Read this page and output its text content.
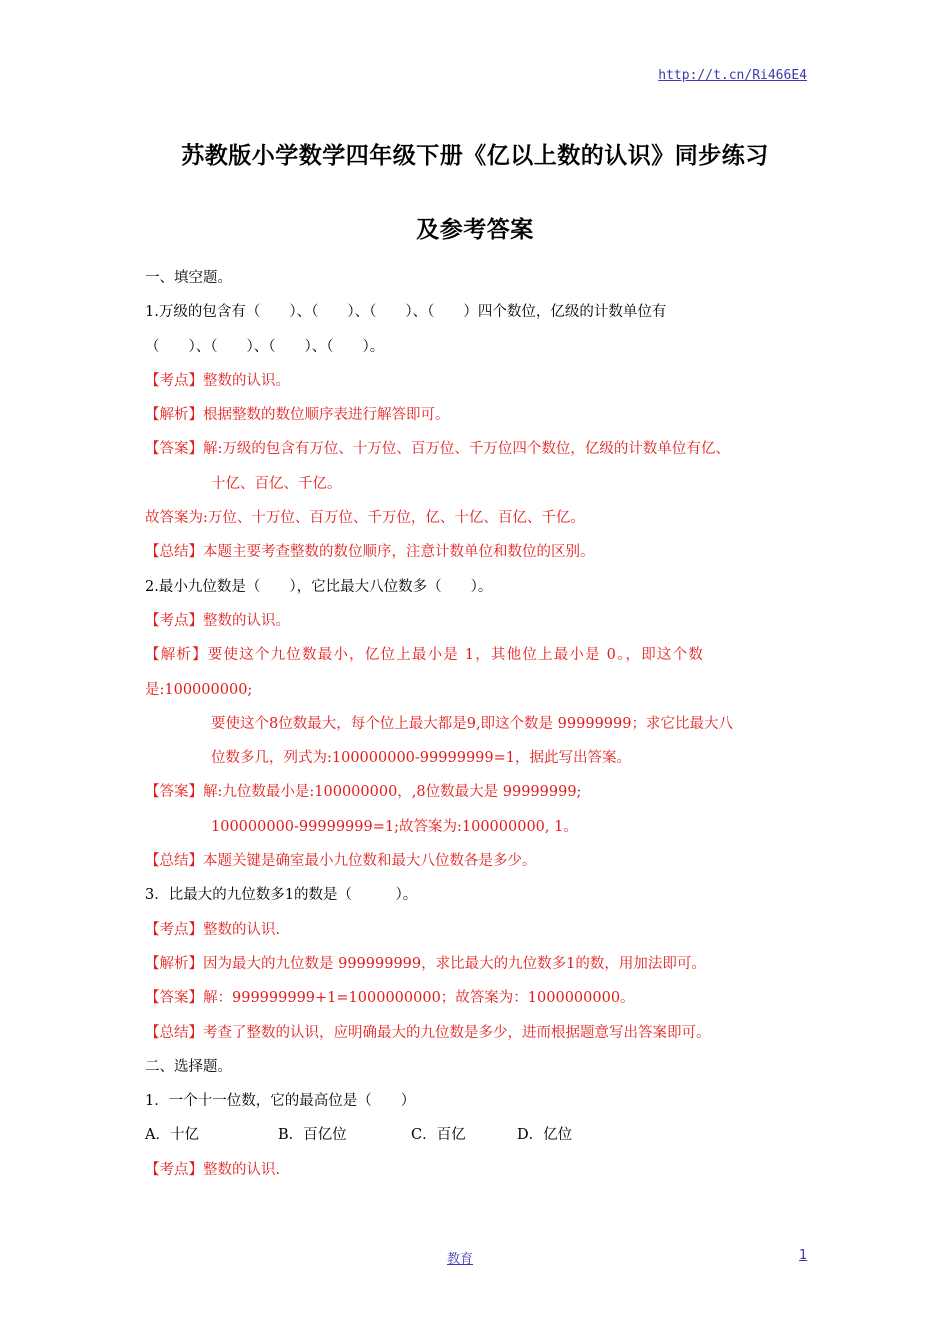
http://t.cn/Ri466E4
苏教版小学数学四年级下册《亿以上数的认识》同步练习
及参考答案
一、填空题。
1.万级的包含有（　　）、（　　）、（　　）、（　　）四个数位，亿级的计数单位有
（　　）、（　　）、（　　）、（　　）。
【考点】整数的认识。
【解析】根据整数的数位顺序表进行解答即可。
【答案】解:万级的包含有万位、十万位、百万位、千万位四个数位，亿级的计数单位有亿、
十亿、百亿、千亿。
故答案为:万位、十万位、百万位、千万位，亿、十亿、百亿、千亿。
【总结】本题主要考查整数的数位顺序，注意计数单位和数位的区别。
2.最小九位数是（　　），它比最大八位数多（　　）。
【考点】整数的认识。
【解析】要使这个九位数最小，亿位上最小是 1，其他位上最小是 0。，即这个数
是:100000000;
要使这个8位数最大，每个位上最大都是9,即这个数是 99999999；求它比最大八
位数多几，列式为:100000000-99999999=1，据此写出答案。
【答案】解:九位数最小是:100000000，,8位数最大是 99999999;
100000000-99999999=1;故答案为:100000000, 1。
【总结】本题关键是确室最小九位数和最大八位数各是多少。
3．比最大的九位数多1的数是（　　　）。
【考点】整数的认识.
【解析】因为最大的九位数是 999999999，求比最大的九位数多1的数，用加法即可。
【答案】解：999999999+1=1000000000；故答案为：1000000000。
【总结】考查了整数的认识，应明确最大的九位数是多少，进而根据题意写出答案即可。
二、选择题。
1．一个十一位数，它的最高位是（　　）
A．十亿	B．百亿位	C．百亿	D．亿位
【考点】整数的认识.
教育	1
